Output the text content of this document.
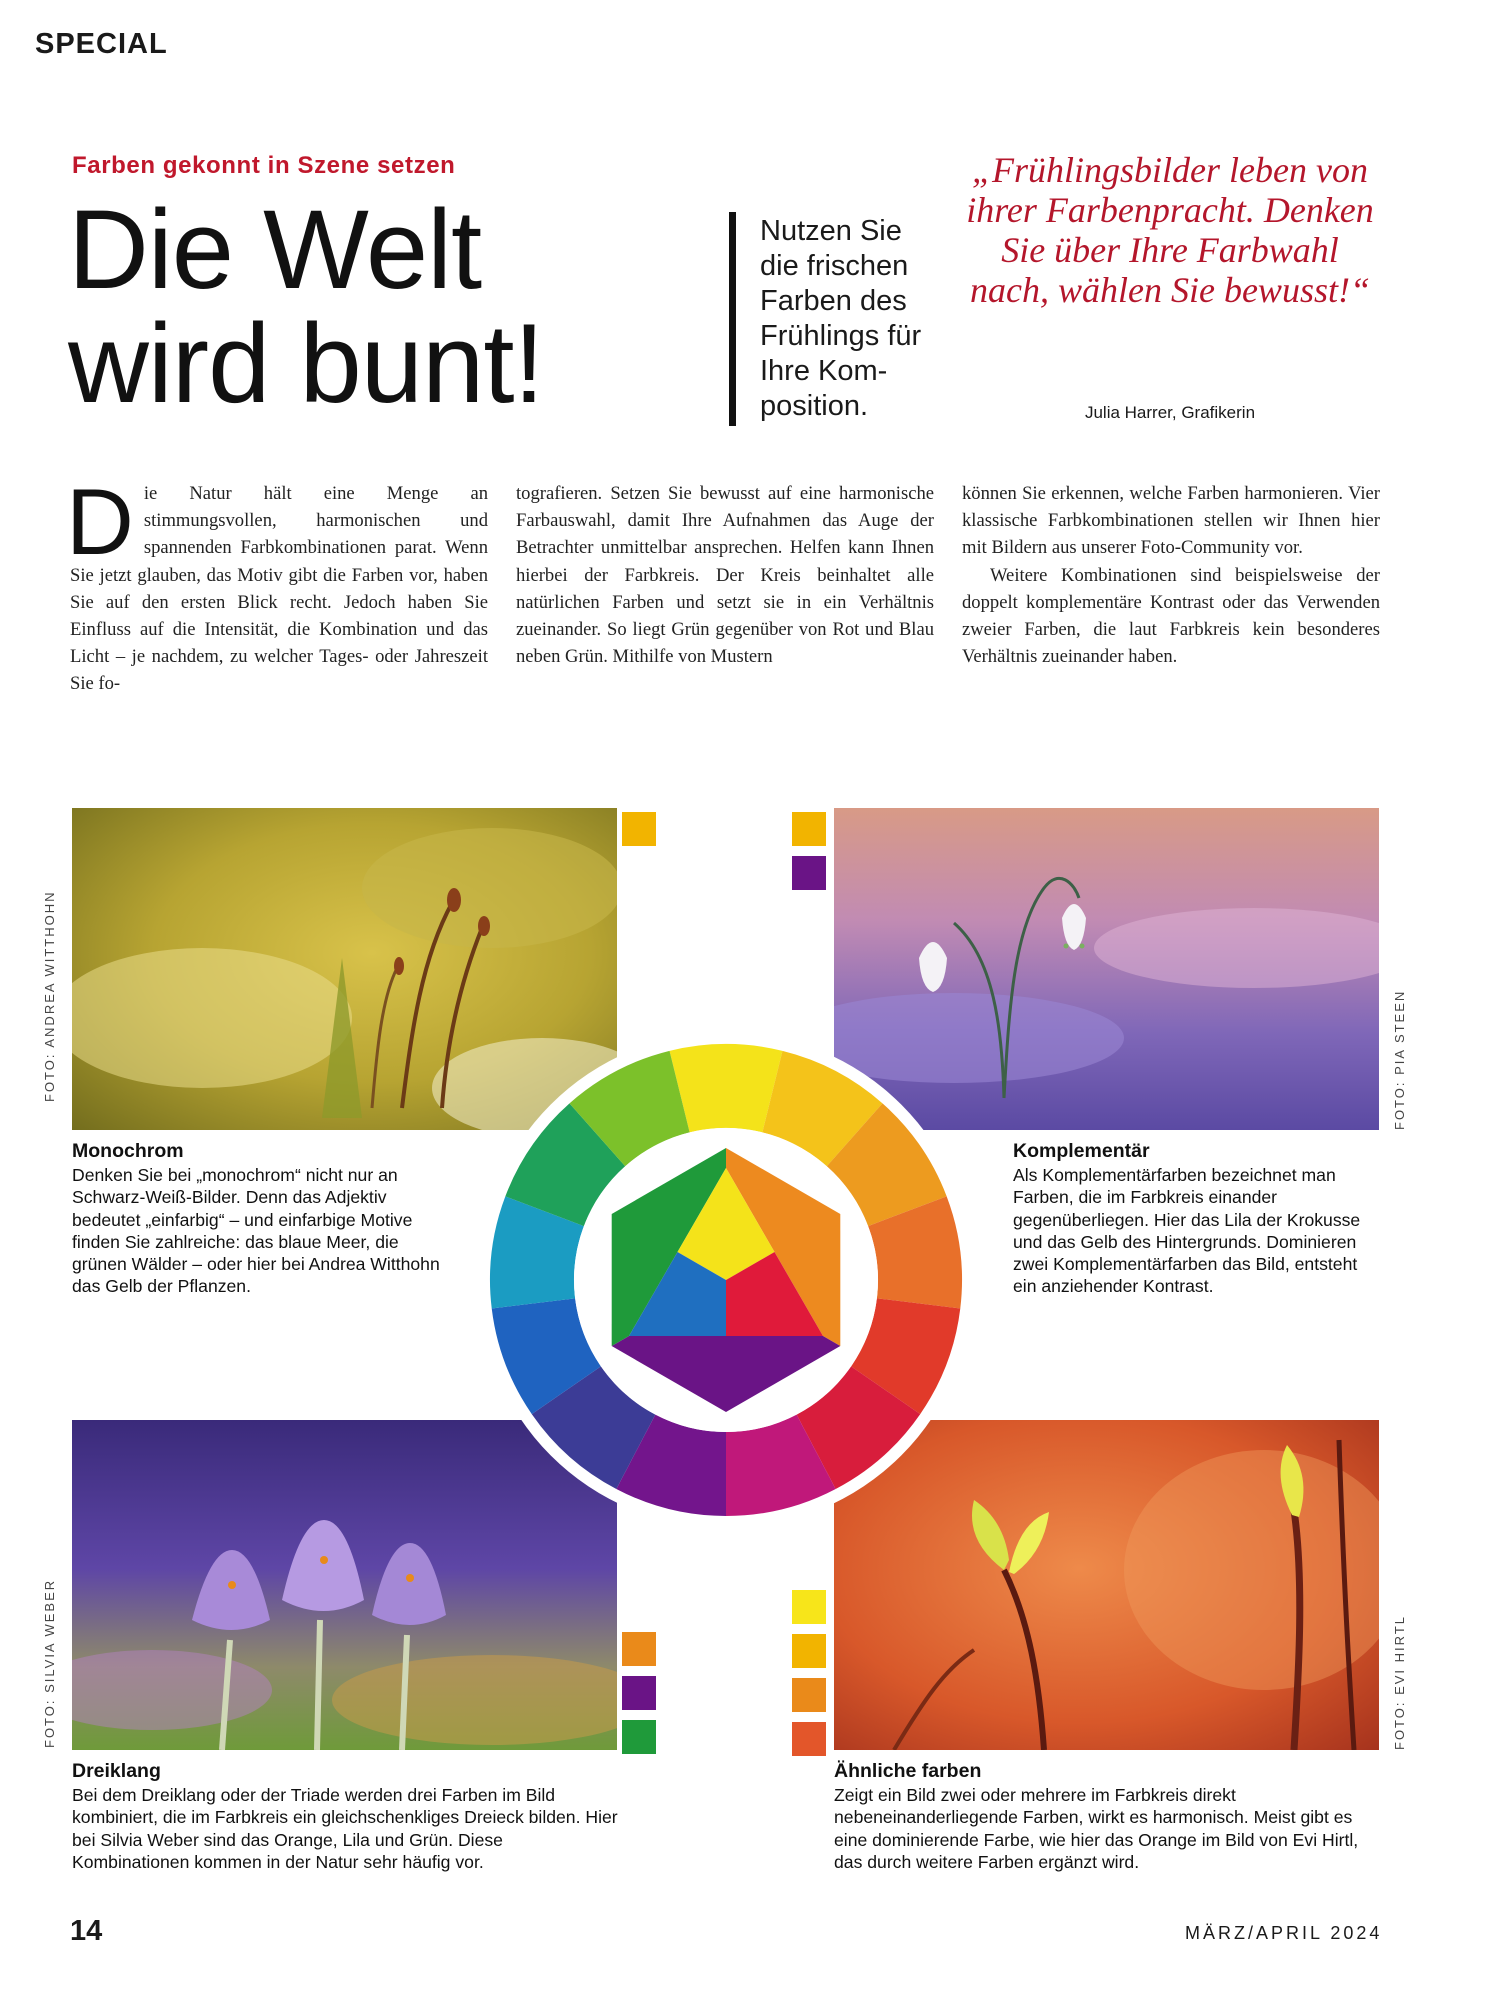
SPECIAL
Farben gekonnt in Szene setzen
Die Welt
wird bunt!
Nutzen Sie die frischen Farben des Frühlings für Ihre Kom-position.
„Frühlingsbilder leben von ihrer Farbenpracht. Denken Sie über Ihre Farbwahl nach, wählen Sie bewusst!“
Julia Harrer, Grafikerin

Die Natur hält eine Menge an stimmungsvollen, harmonischen und spannenden Farbkombinationen parat. Wenn Sie jetzt glauben, das Motiv gibt die Farben vor, haben Sie auf den ersten Blick recht. Jedoch haben Sie Einfluss auf die Intensität, die Kombination und das Licht – je nachdem, zu welcher Tages- oder Jahreszeit Sie fo-

tografieren. Setzen Sie bewusst auf eine harmonische Farbauswahl, damit Ihre Aufnahmen das Auge der Betrachter unmittelbar ansprechen. Helfen kann Ihnen hierbei der Farbkreis. Der Kreis beinhaltet alle natürlichen Farben und setzt sie in ein Verhältnis zueinander. So liegt Grün gegenüber von Rot und Blau neben Grün. Mithilfe von Mustern

können Sie erkennen, welche Farben harmonieren. Vier klassische Farbkombinationen stellen wir Ihnen hier mit Bildern aus unserer Foto-Community vor.

Weitere Kombinationen sind beispielsweise der doppelt komplementäre Kontrast oder das Verwenden zweier Farben, die laut Farbkreis kein besonderes Verhältnis zueinander haben.

FOTO: ANDREA WITTHOHN
Monochrom
Denken Sie bei „monochrom“ nicht nur an Schwarz-Weiß-Bilder. Denn das Adjektiv bedeutet „einfarbig“ – und einfarbige Motive finden Sie zahlreiche: das blaue Meer, die grünen Wälder – oder hier bei Andrea Witthohn das Gelb der Pflanzen.
FOTO: PIA STEEN
Komplementär
Als Komplementärfarben bezeichnet man Farben, die im Farbkreis einander gegenüberliegen. Hier das Lila der Krokusse und das Gelb des Hintergrunds. Dominieren zwei Komplementärfarben das Bild, entsteht ein anziehender Kontrast.
FOTO: SILVIA WEBER
Dreiklang
Bei dem Dreiklang oder der Triade werden drei Farben im Bild kombiniert, die im Farbkreis ein gleichschenkliges Dreieck bilden. Hier bei Silvia Weber sind das Orange, Lila und Grün. Diese Kombinationen kommen in der Natur sehr häufig vor.
FOTO: EVI HIRTL
Ähnliche farben
Zeigt ein Bild zwei oder mehrere im Farbkreis direkt nebeneinanderliegende Farben, wirkt es harmonisch. Meist gibt es eine dominierende Farbe, wie hier das Orange im Bild von Evi Hirtl, das durch weitere Farben ergänzt wird.
14	MÄRZ/APRIL 2024
